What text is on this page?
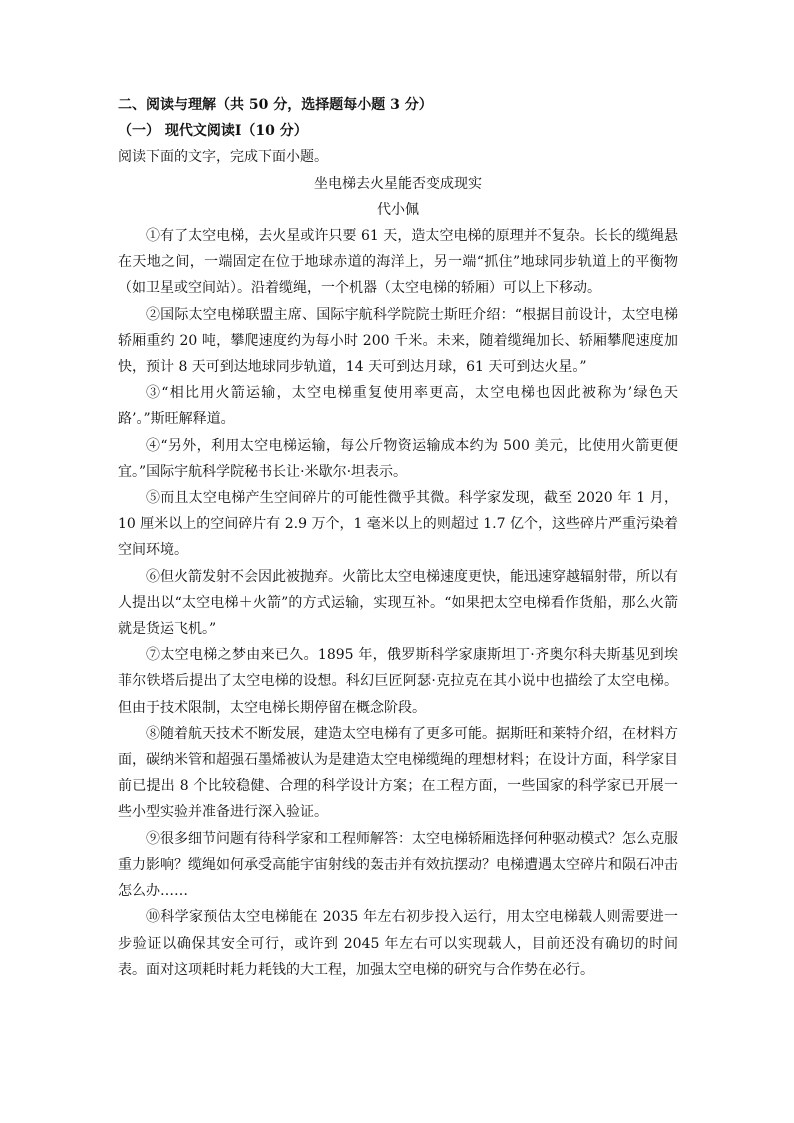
二、阅读与理解（共 50 分，选择题每小题 3 分）
（一） 现代文阅读Ⅰ（10 分）
阅读下面的文字，完成下面小题。
坐电梯去火星能否变成现实
代小佩

①有了太空电梯，去火星或许只要 61 天，造太空电梯的原理并不复杂。长长的缆绳悬在天地之间，一端固定在位于地球赤道的海洋上，另一端“抓住”地球同步轨道上的平衡物（如卫星或空间站）。沿着缆绳，一个机器（太空电梯的轿厢）可以上下移动。

②国际太空电梯联盟主席、国际宇航科学院院士斯旺介绍：“根据目前设计，太空电梯轿厢重约 20 吨，攀爬速度约为每小时 200 千米。未来，随着缆绳加长、轿厢攀爬速度加快，预计 8 天可到达地球同步轨道，14 天可到达月球，61 天可到达火星。”

③“相比用火箭运输，太空电梯重复使用率更高，太空电梯也因此被称为’绿色天路’。”斯旺解释道。

④“另外，利用太空电梯运输，每公斤物资运输成本约为 500 美元，比使用火箭更便宜。”国际宇航科学院秘书长让·米歇尔·坦表示。

⑤而且太空电梯产生空间碎片的可能性微乎其微。科学家发现，截至 2020 年 1 月，10 厘米以上的空间碎片有 2.9 万个，1 毫米以上的则超过 1.7 亿个，这些碎片严重污染着空间环境。

⑥但火箭发射不会因此被抛弃。火箭比太空电梯速度更快，能迅速穿越辐射带，所以有人提出以“太空电梯＋火箭”的方式运输，实现互补。“如果把太空电梯看作货船，那么火箭就是货运飞机。”

⑦太空电梯之梦由来已久。1895 年，俄罗斯科学家康斯坦丁·齐奥尔科夫斯基见到埃菲尔铁塔后提出了太空电梯的设想。科幻巨匠阿瑟·克拉克在其小说中也描绘了太空电梯。但由于技术限制，太空电梯长期停留在概念阶段。

⑧随着航天技术不断发展，建造太空电梯有了更多可能。据斯旺和莱特介绍，在材料方面，碳纳米管和超强石墨烯被认为是建造太空电梯缆绳的理想材料；在设计方面，科学家目前已提出 8 个比较稳健、合理的科学设计方案；在工程方面，一些国家的科学家已开展一些小型实验并准备进行深入验证。

⑨很多细节问题有待科学家和工程师解答：太空电梯轿厢选择何种驱动模式？怎么克服重力影响？缆绳如何承受高能宇宙射线的轰击并有效抗摆动？电梯遭遇太空碎片和陨石冲击怎么办……

⑩科学家预估太空电梯能在 2035 年左右初步投入运行，用太空电梯载人则需要进一步验证以确保其安全可行，或许到 2045 年左右可以实现载人，目前还没有确切的时间表。面对这项耗时耗力耗钱的大工程，加强太空电梯的研究与合作势在必行。
